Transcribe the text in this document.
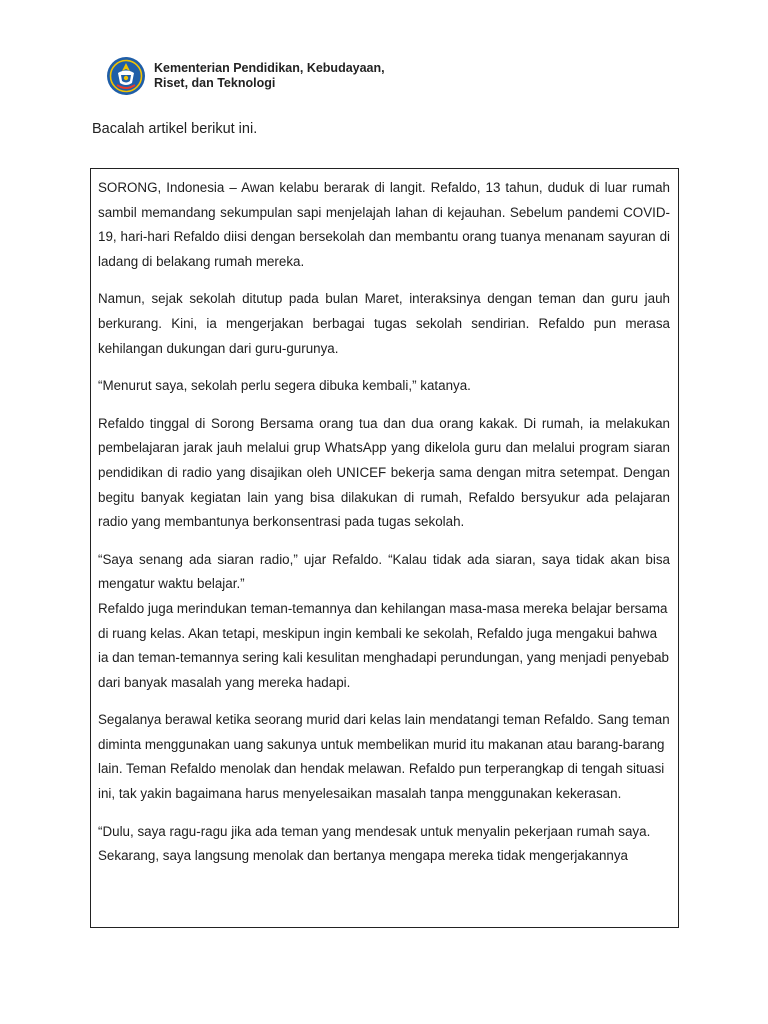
Kementerian Pendidikan, Kebudayaan,
Riset, dan Teknologi
Bacalah artikel berikut ini.

SORONG, Indonesia – Awan kelabu berarak di langit. Refaldo, 13 tahun, duduk di luar rumah sambil memandang sekumpulan sapi menjelajah lahan di kejauhan. Sebelum pandemi COVID-19, hari-hari Refaldo diisi dengan bersekolah dan membantu orang tuanya menanam sayuran di ladang di belakang rumah mereka.

Namun, sejak sekolah ditutup pada bulan Maret, interaksinya dengan teman dan guru jauh berkurang. Kini, ia mengerjakan berbagai tugas sekolah sendirian. Refaldo pun merasa kehilangan dukungan dari guru-gurunya.

“Menurut saya, sekolah perlu segera dibuka kembali,” katanya.

Refaldo tinggal di Sorong Bersama orang tua dan dua orang kakak. Di rumah, ia melakukan pembelajaran jarak jauh melalui grup WhatsApp yang dikelola guru dan melalui program siaran pendidikan di radio yang disajikan oleh UNICEF bekerja sama dengan mitra setempat. Dengan begitu banyak kegiatan lain yang bisa dilakukan di rumah, Refaldo bersyukur ada pelajaran radio yang membantunya berkonsentrasi pada tugas sekolah.

“Saya senang ada siaran radio,” ujar Refaldo. “Kalau tidak ada siaran, saya tidak akan bisa mengatur waktu belajar.”

Refaldo juga merindukan teman-temannya dan kehilangan masa-masa mereka belajar bersama di ruang kelas. Akan tetapi, meskipun ingin kembali ke sekolah, Refaldo juga mengakui bahwa ia dan teman-temannya sering kali kesulitan menghadapi perundungan, yang menjadi penyebab dari banyak masalah yang mereka hadapi.

Segalanya berawal ketika seorang murid dari kelas lain mendatangi teman Refaldo. Sang teman diminta menggunakan uang sakunya untuk membelikan murid itu makanan atau barang-barang lain. Teman Refaldo menolak dan hendak melawan. Refaldo pun terperangkap di tengah situasi ini, tak yakin bagaimana harus menyelesaikan masalah tanpa menggunakan kekerasan.

“Dulu, saya ragu-ragu jika ada teman yang mendesak untuk menyalin pekerjaan rumah saya. Sekarang, saya langsung menolak dan bertanya mengapa mereka tidak mengerjakannya
